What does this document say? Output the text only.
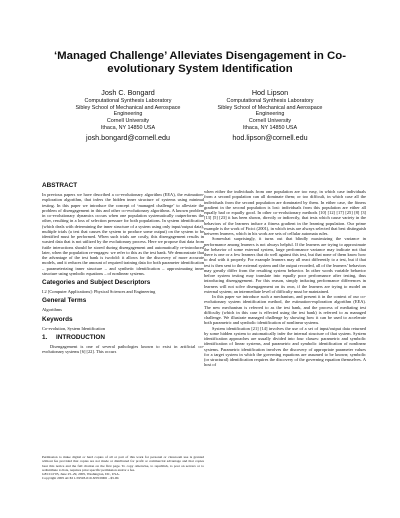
‘Managed Challenge’ Alleviates Disengagement in Co-evolutionary System Identification
Josh C. Bongard
Computational Synthesis Laboratory
Sibley School of Mechanical and Aerospace
Engineering
Cornell University
Ithaca, NY 14850 USA
josh.bongard@cornell.edu
Hod Lipson
Computational Synthesis Laboratory
Sibley School of Mechanical and Aerospace
Engineering
Cornell University
Ithaca, NY 14850 USA
hod.lipson@cornell.edu
ABSTRACT

In previous papers we have described a co-evolutionary algorithm (EEA), the estimation-exploration algorithm, that infers the hidden inner structure of systems using minimal testing. In this paper we introduce the concept of ‘managed challenge’ to alleviate the problem of disengagement in this and other co-evolutionary algorithms. A known problem in co-evolutionary dynamics occurs when one population systematically outperforms the other, resulting in a loss of selection pressure for both populations. In system identification (which deals with determining the inner structure of a system using only input/output data), multiple trials (a test that causes the system to produce some output) on the system to be identified must be performed. When such trials are costly, this disengagement results in wasted data that is not utilized by the evolutionary process. Here we propose that data from futile interactions should be stored during disengagement and automatically re-introduced later, when the population re-engages: we refer to this as the test bank. We demonstrate that the advantage of the test bank is twofold: it allows for the discovery of more accurate models, and it reduces the amount of required training data for both parameter identification – parameterizing inner structure – and synthetic identification – approximating inner structure using symbolic equations – of nonlinear systems.

Categories and Subject Descriptors

I.2 [Computer Applications]: Physical Sciences and Engineering

General Terms

Algorithms

Keywords

Co-evolution, System Identification

1. INTRODUCTION

Disengagement is one of several pathologies known to exist in artificial co-evolutionary systems [6] [22]. This occurs

Permission to make digital or hard copies of all or part of this work for personal or classroom use is granted without fee provided that copies are not made or distributed for profit or commercial advantage and that copies bear this notice and the full citation on the first page. To copy otherwise, to republish, to post on servers or to redistribute to lists, requires prior specific permission and/or a fee.

GECCO’05, June 25–29, 2005, Washington, DC, USA.

Copyright 2005 ACM 1-59593-010-8/05/0006 ...$5.00.

when either the individuals from one population are too easy, in which case individuals from a second population can all dominate them; or too difficult, in which case all the individuals from the second population are dominated by them. In either case, the fitness gradient in the second population is lost: individuals from this population are either all equally bad or equally good. In other co-evolutionary methods [10] [12] [17] [25] [8] [3] [13] [5] [23] it has been shown, directly or indirectly, that tests which cause variety in the behaviors of the learners induce a fitness gradient in the learning population. Our prime example is the work of Ficici (2001), in which tests are always selected that best distinguish between learners, which in his work are sets of cellular automata rules.

Somewhat surprisingly, it turns out that blindly maximizing the variance in performance among learners is not always helpful. If the learners are trying to approximate the behavior of some external system, large performance variance may indicate not that there is one or a few learners that do well against this test, but that none of them know how to deal with it properly. For example learners may all react differently to a test, but if that test is then sent to the external system and the output recorded, all of the learners’ behaviors may greatly differ from the resulting system behavior. In other words variable behavior before system testing may translate into equally poor performance after testing, thus introducing disengagement. For this reason, simply inducing performance differences in learners will not solve disengagement on its own, if the learners are trying to model an external system; an intermediate level of difficulty must be maintained.

In this paper we introduce such a mechanism, and present it in the context of our co-evolutionary system identification method, the estimation-exploration algorithm (EEA). The new mechanism is referred to as the test bank, and the process of mediating test difficulty (which in this case is effected using the test bank) is referred to as managed challenge. We illustrate managed challenge by showing how it can be used to accelerate both parametric and symbolic identification of nonlinear systems.

System identification [21] [14] involves the use of a set of input/output data returned by some hidden system to automatically infer the internal structure of that system. System identification approaches are usually divided into four classes: parametric and symbolic identification of linear systems, and parametric and symbolic identification of nonlinear systems. Parametric identification involves the discovery of appropriate parameter values for a target system in which the governing equations are assumed to be known; symbolic (or structural) identification requires the discovery of the governing equation themselves. A host of
